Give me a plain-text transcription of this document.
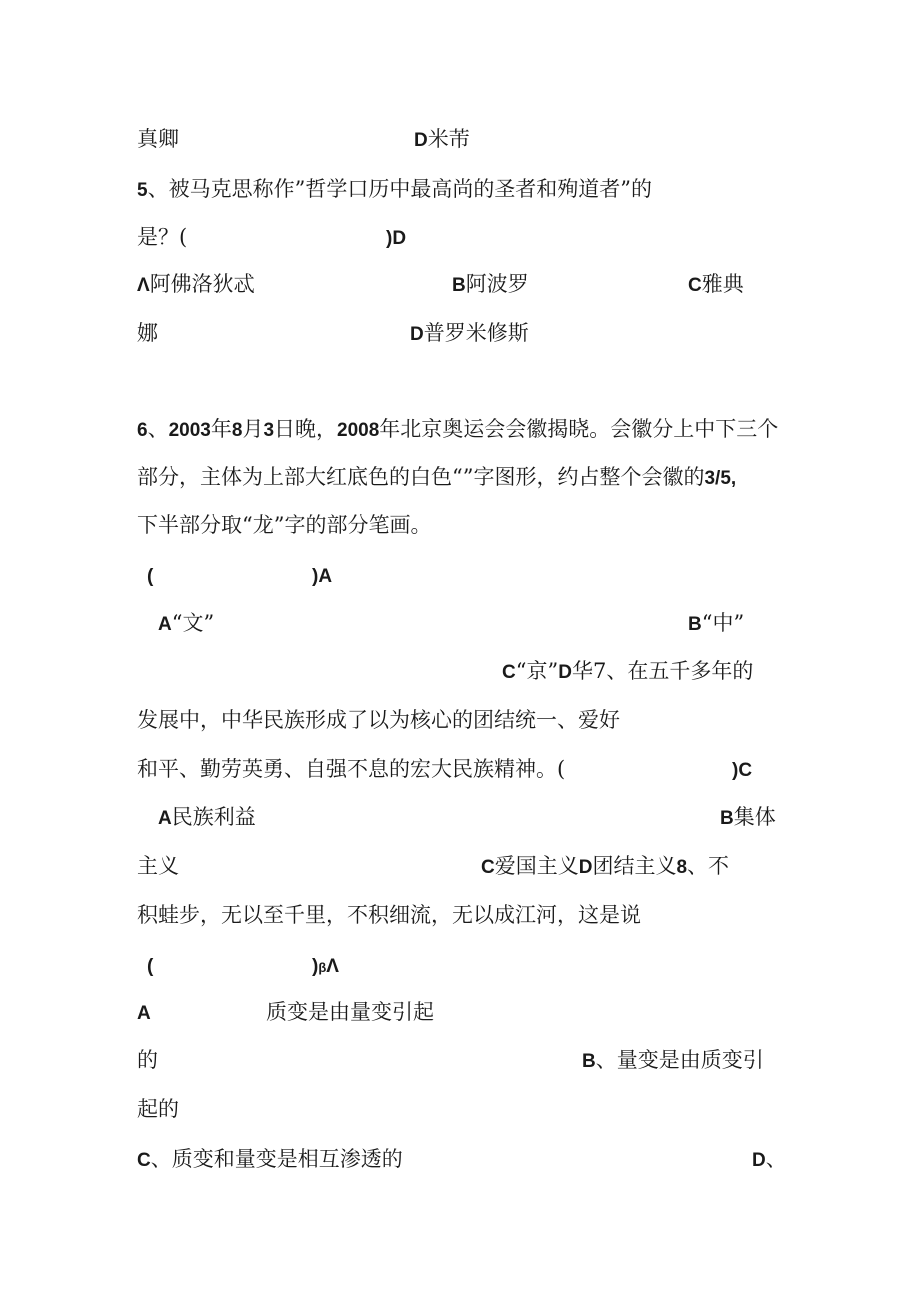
真卿	D米芾
5、被马克思称作”哲学口历中最高尚的圣者和殉道者”的
是？(	)D
Λ阿佛洛狄忒	B阿波罗	C雅典
娜	D普罗米修斯
6、2003年8月3日晚，2008年北京奥运会会徽揭晓。会徽分上中下三个
部分，主体为上部大红底色的白色“”字图形，约占整个会徽的3/5,
下半部分取“龙”字的部分笔画。
(	)A
A“文”	B“中”
C“京”D华7、在五千多年的
发展中，中华民族形成了以为核心的团结统一、爱好
和平、勤劳英勇、自强不息的宏大民族精神。(	)C
A民族利益	B集体
主义	C爱国主义D团结主义8、不
积蛙步，无以至千里，不积细流，无以成江河，这是说
(	)βΛ
A	质变是由量变引起
的	B、量变是由质变引
起的
C、质变和量变是相互渗透的	D、
